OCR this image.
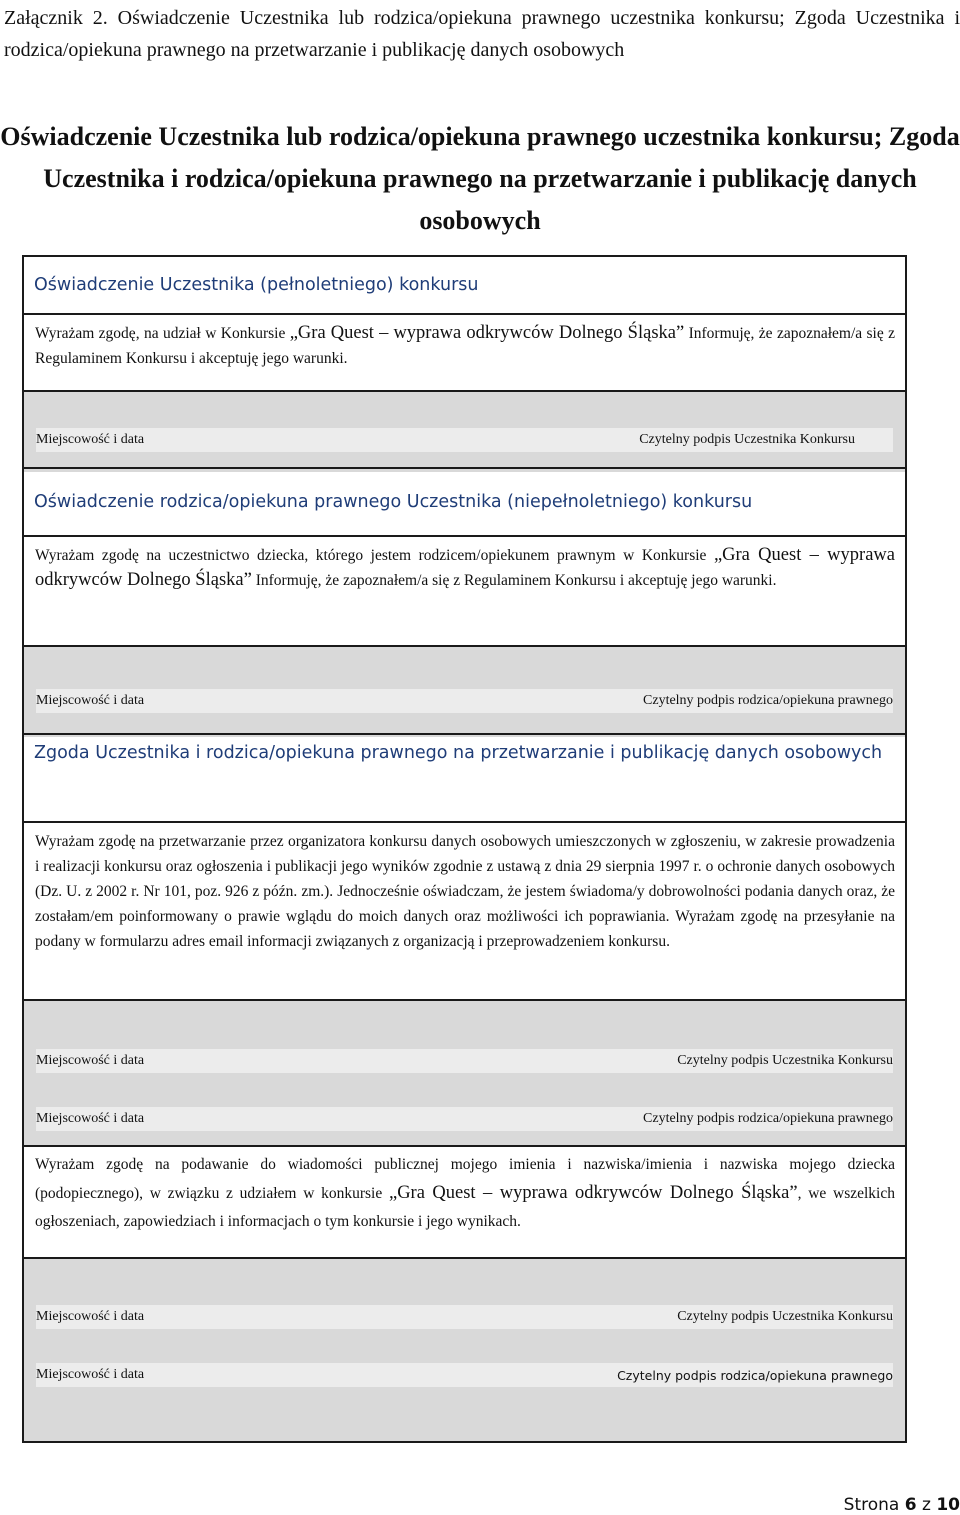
Załącznik 2. Oświadczenie Uczestnika lub rodzica/opiekuna prawnego uczestnika konkursu; Zgoda Uczestnika i rodzica/opiekuna prawnego na przetwarzanie i publikację danych osobowych
Oświadczenie Uczestnika lub rodzica/opiekuna prawnego uczestnika konkursu; Zgoda Uczestnika i rodzica/opiekuna prawnego na przetwarzanie i publikację danych osobowych
Oświadczenie Uczestnika (pełnoletniego) konkursu
Wyrażam zgodę, na udział w Konkursie „Gra Quest – wyprawa odkrywców Dolnego Śląska” Informuję, że zapoznałem/a się z Regulaminem Konkursu i akceptuję jego warunki.
Miejscowość i data	Czytelny podpis Uczestnika Konkursu
Oświadczenie rodzica/opiekuna prawnego Uczestnika (niepełnoletniego) konkursu
Wyrażam zgodę na uczestnictwo dziecka, którego jestem rodzicem/opiekunem prawnym w Konkursie „Gra Quest – wyprawa odkrywców Dolnego Śląska” Informuję, że zapoznałem/a się z Regulaminem Konkursu i akceptuję jego warunki.
Miejscowość i data	Czytelny podpis rodzica/opiekuna prawnego
Zgoda Uczestnika i rodzica/opiekuna prawnego na przetwarzanie i publikację danych osobowych
Wyrażam zgodę na przetwarzanie przez organizatora konkursu danych osobowych umieszczonych w zgłoszeniu, w zakresie prowadzenia i realizacji konkursu oraz ogłoszenia i publikacji jego wyników zgodnie z ustawą z dnia 29 sierpnia 1997 r. o ochronie danych osobowych (Dz. U. z 2002 r. Nr 101, poz. 926 z późn. zm.). Jednocześnie oświadczam, że jestem świadoma/y dobrowolności podania danych oraz, że zostałam/em poinformowany o prawie wglądu do moich danych oraz możliwości ich poprawiania. Wyrażam zgodę na przesyłanie na podany w formularzu adres email informacji związanych z organizacją i przeprowadzeniem konkursu.
Miejscowość i data	Czytelny podpis Uczestnika Konkursu
Miejscowość i data	Czytelny podpis rodzica/opiekuna prawnego
Wyrażam zgodę na podawanie do wiadomości publicznej mojego imienia i nazwiska/imienia i nazwiska mojego dziecka (podopiecznego), w związku z udziałem w konkursie „Gra Quest – wyprawa odkrywców Dolnego Śląska”, we wszelkich ogłoszeniach, zapowiedziach i informacjach o tym konkursie i jego wynikach.
Miejscowość i data	Czytelny podpis Uczestnika Konkursu
Miejscowość i data	Czytelny podpis rodzica/opiekuna prawnego
Strona 6 z 10
